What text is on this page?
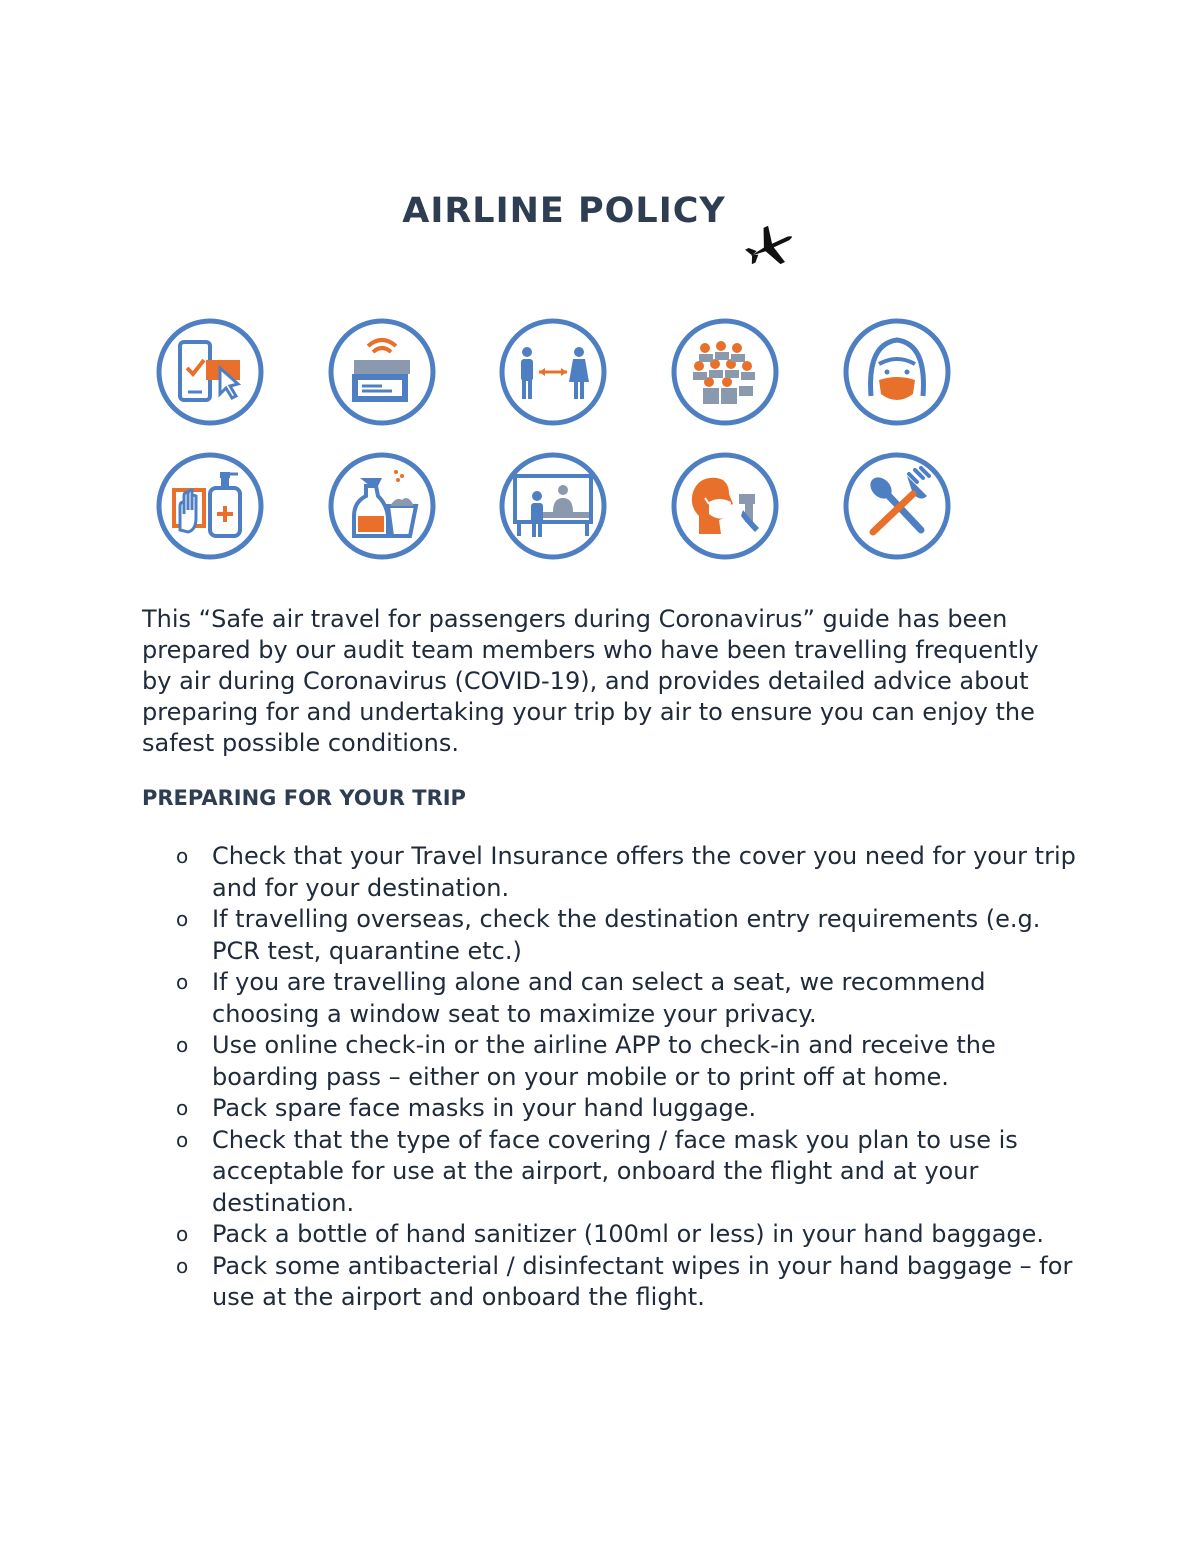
AIRLINE POLICY

This “Safe air travel for passengers during Coronavirus” guide has been prepared by our audit team members who have been travelling frequently by air during Coronavirus (COVID-19), and provides detailed advice about preparing for and undertaking your trip by air to ensure you can enjoy the safest possible conditions.

PREPARING FOR YOUR TRIP
o Check that your Travel Insurance offers the cover you need for your trip and for your destination.
o If travelling overseas, check the destination entry requirements (e.g. PCR test, quarantine etc.)
o If you are travelling alone and can select a seat, we recommend choosing a window seat to maximize your privacy.
o Use online check-in or the airline APP to check-in and receive the boarding pass – either on your mobile or to print off at home.
o Pack spare face masks in your hand luggage.
o Check that the type of face covering / face mask you plan to use is acceptable for use at the airport, onboard the flight and at your destination.
o Pack a bottle of hand sanitizer (100ml or less) in your hand baggage.
o Pack some antibacterial / disinfectant wipes in your hand baggage – for use at the airport and onboard the flight.
